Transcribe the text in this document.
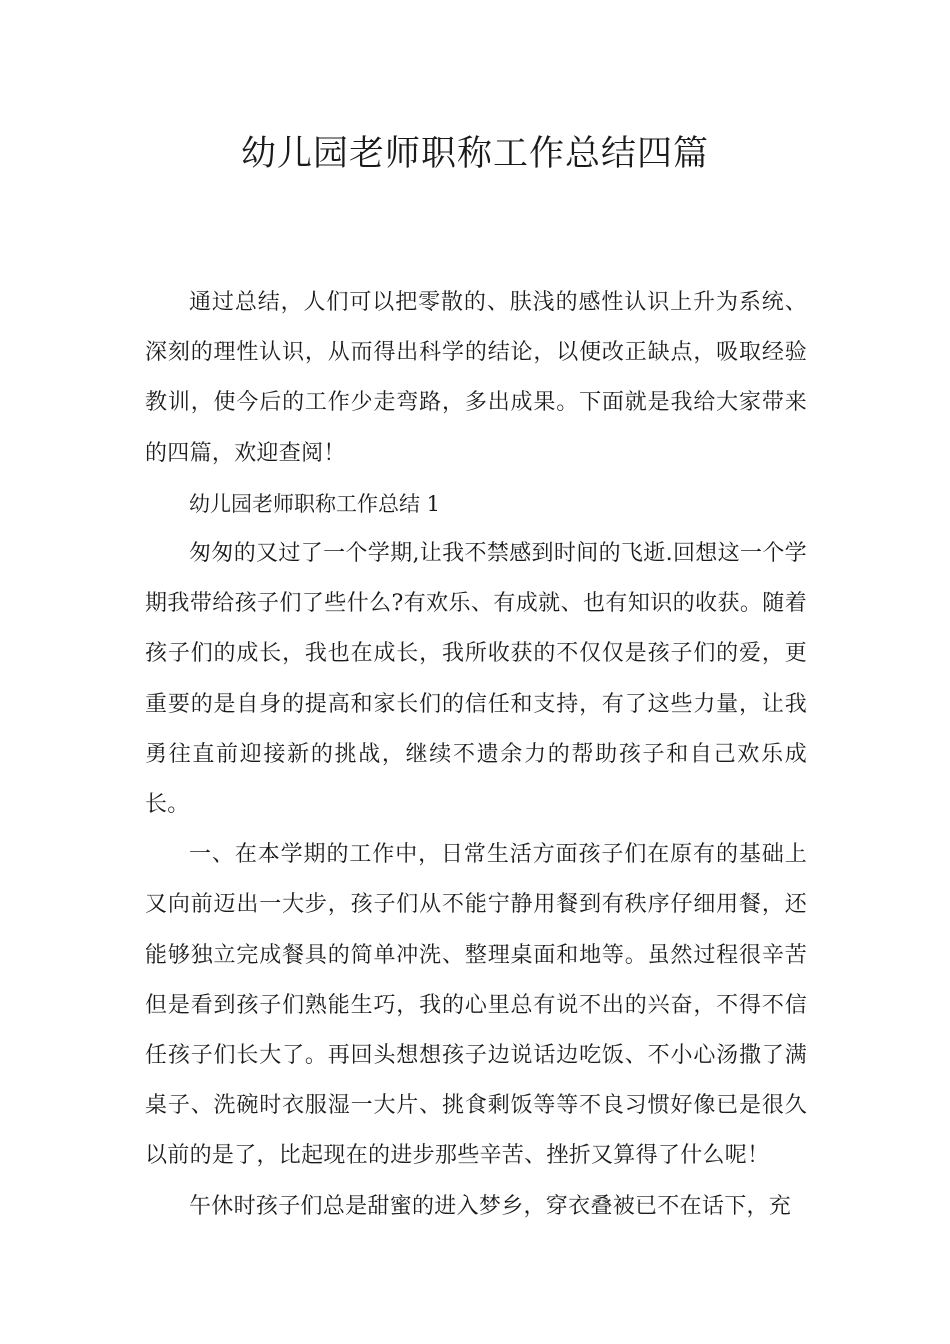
幼儿园老师职称工作总结四篇

通过总结，人们可以把零散的、肤浅的感性认识上升为系统、深刻的理性认识，从而得出科学的结论，以便改正缺点，吸取经验教训，使今后的工作少走弯路，多出成果。下面就是我给大家带来的四篇，欢迎查阅！

幼儿园老师职称工作总结 1

匆匆的又过了一个学期,让我不禁感到时间的飞逝.回想这一个学期我带给孩子们了些什么?有欢乐、有成就、也有知识的收获。随着孩子们的成长，我也在成长，我所收获的不仅仅是孩子们的爱，更重要的是自身的提高和家长们的信任和支持，有了这些力量，让我勇往直前迎接新的挑战，继续不遗余力的帮助孩子和自己欢乐成长。

一、在本学期的工作中，日常生活方面孩子们在原有的基础上又向前迈出一大步，孩子们从不能宁静用餐到有秩序仔细用餐，还能够独立完成餐具的简单冲洗、整理桌面和地等。虽然过程很辛苦但是看到孩子们熟能生巧，我的心里总有说不出的兴奋，不得不信任孩子们长大了。再回头想想孩子边说话边吃饭、不小心汤撒了满桌子、洗碗时衣服湿一大片、挑食剩饭等等不良习惯好像已是很久以前的是了，比起现在的进步那些辛苦、挫折又算得了什么呢！

午休时孩子们总是甜蜜的进入梦乡，穿衣叠被已不在话下，充
